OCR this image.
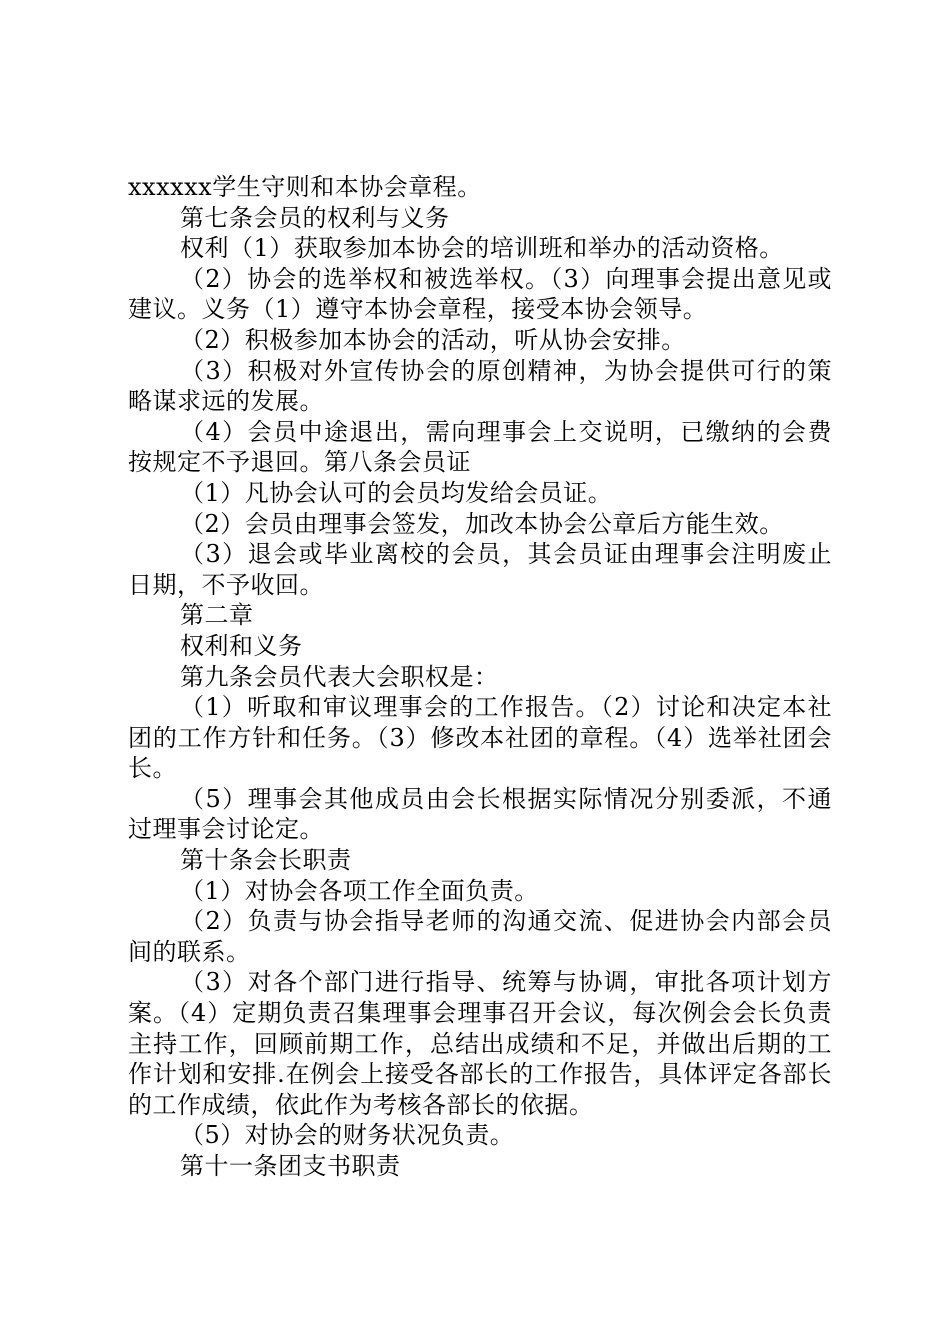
xxxxxx学生守则和本协会章程。

第七条会员的权利与义务

权利（1）获取参加本协会的培训班和举办的活动资格。

（2）协会的选举权和被选举权。（3）向理事会提出意见或建议。义务（1）遵守本协会章程，接受本协会领导。

（2）积极参加本协会的活动，听从协会安排。

（3）积极对外宣传协会的原创精神，为协会提供可行的策略谋求远的发展。

（4）会员中途退出，需向理事会上交说明，已缴纳的会费按规定不予退回。第八条会员证

（1）凡协会认可的会员均发给会员证。

（2）会员由理事会签发，加改本协会公章后方能生效。

（3）退会或毕业离校的会员，其会员证由理事会注明废止日期，不予收回。

第二章

权利和义务

第九条会员代表大会职权是：

（1）听取和审议理事会的工作报告。（2）讨论和决定本社团的工作方针和任务。（3）修改本社团的章程。（4）选举社团会长。

（5）理事会其他成员由会长根据实际情况分别委派，不通过理事会讨论定。

第十条会长职责

（1）对协会各项工作全面负责。

（2）负责与协会指导老师的沟通交流、促进协会内部会员间的联系。

（3）对各个部门进行指导、统筹与协调，审批各项计划方案。（4）定期负责召集理事会理事召开会议，每次例会会长负责主持工作，回顾前期工作，总结出成绩和不足，并做出后期的工作计划和安排.在例会上接受各部长的工作报告，具体评定各部长的工作成绩，依此作为考核各部长的依据。

（5）对协会的财务状况负责。

第十一条团支书职责
